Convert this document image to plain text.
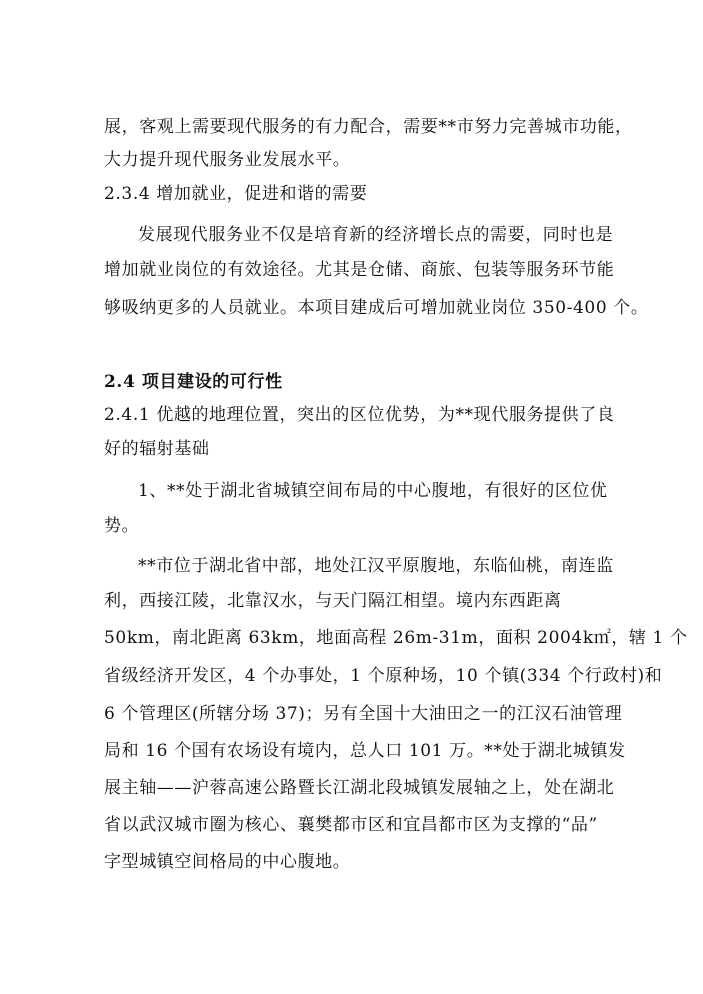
展，客观上需要现代服务的有力配合，需要**市努力完善城市功能，
大力提升现代服务业发展水平。
2.3.4 增加就业，促进和谐的需要
发展现代服务业不仅是培育新的经济增长点的需要，同时也是
增加就业岗位的有效途径。尤其是仓储、商旅、包装等服务环节能
够吸纳更多的人员就业。本项目建成后可增加就业岗位 350-400 个。
2.4 项目建设的可行性
2.4.1 优越的地理位置，突出的区位优势，为**现代服务提供了良
好的辐射基础
1、**处于湖北省城镇空间布局的中心腹地，有很好的区位优
势。
**市位于湖北省中部，地处江汉平原腹地，东临仙桃，南连监
利，西接江陵，北靠汉水，与天门隔江相望。境内东西距离
50km，南北距离 63km，地面高程 26m-31m，面积 2004k㎡，辖 1 个
省级经济开发区，4 个办事处，1 个原种场，10 个镇(334 个行政村)和
6 个管理区(所辖分场 37)；另有全国十大油田之一的江汉石油管理
局和 16 个国有农场设有境内，总人口 101 万。**处于湖北城镇发
展主轴——沪蓉高速公路暨长江湖北段城镇发展轴之上，处在湖北
省以武汉城市圈为核心、襄樊都市区和宜昌都市区为支撑的“品”
字型城镇空间格局的中心腹地。
